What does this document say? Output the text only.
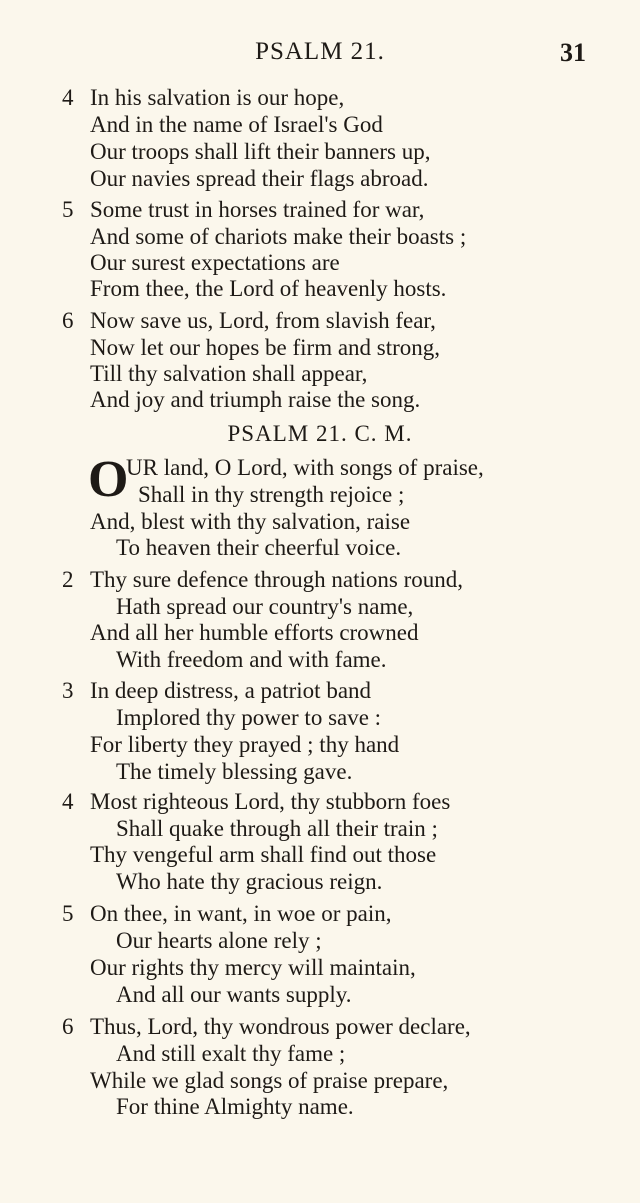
PSALM 21.	31
4 In his salvation is our hope,
And in the name of Israel's God
Our troops shall lift their banners up,
Our navies spread their flags abroad.
5 Some trust in horses trained for war,
And some of chariots make their boasts ;
Our surest expectations are
From thee, the Lord of heavenly hosts.
6 Now save us, Lord, from slavish fear,
Now let our hopes be firm and strong,
Till thy salvation shall appear,
And joy and triumph raise the song.
PSALM 21. C. M.
O
UR land, O Lord, with songs of praise,
Shall in thy strength rejoice ;
And, blest with thy salvation, raise
To heaven their cheerful voice.
2 Thy sure defence through nations round,
Hath spread our country's name,
And all her humble efforts crowned
With freedom and with fame.
3 In deep distress, a patriot band
Implored thy power to save :
For liberty they prayed ; thy hand
The timely blessing gave.
4 Most righteous Lord, thy stubborn foes
Shall quake through all their train ;
Thy vengeful arm shall find out those
Who hate thy gracious reign.
5 On thee, in want, in woe or pain,
Our hearts alone rely ;
Our rights thy mercy will maintain,
And all our wants supply.
6 Thus, Lord, thy wondrous power declare,
And still exalt thy fame ;
While we glad songs of praise prepare,
For thine Almighty name.
